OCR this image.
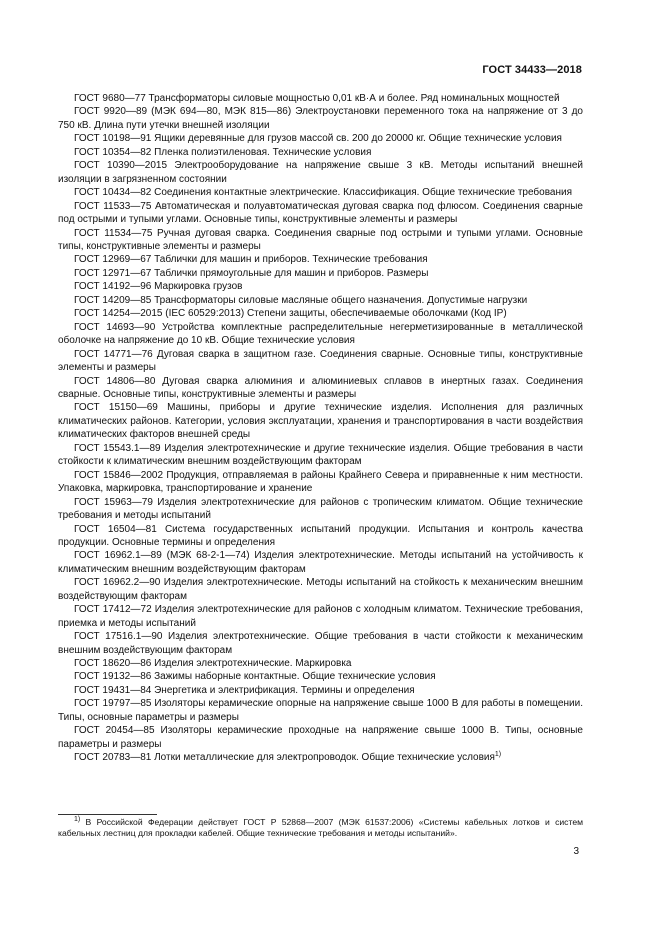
ГОСТ 34433—2018

ГОСТ 9680—77 Трансформаторы силовые мощностью 0,01 кВ·А и более. Ряд номинальных мощностей

ГОСТ 9920—89 (МЭК 694—80, МЭК 815—86) Электроустановки переменного тока на напряжение от 3 до 750 кВ. Длина пути утечки внешней изоляции

ГОСТ 10198—91 Ящики деревянные для грузов массой св. 200 до 20000 кг. Общие технические условия

ГОСТ 10354—82 Пленка полиэтиленовая. Технические условия

ГОСТ 10390—2015 Электрооборудование на напряжение свыше 3 кВ. Методы испытаний внешней изоляции в загрязненном состоянии

ГОСТ 10434—82 Соединения контактные электрические. Классификация. Общие технические требования

ГОСТ 11533—75 Автоматическая и полуавтоматическая дуговая сварка под флюсом. Соединения сварные под острыми и тупыми углами. Основные типы, конструктивные элементы и размеры

ГОСТ 11534—75 Ручная дуговая сварка. Соединения сварные под острыми и тупыми углами. Основные типы, конструктивные элементы и размеры

ГОСТ 12969—67 Таблички для машин и приборов. Технические требования

ГОСТ 12971—67 Таблички прямоугольные для машин и приборов. Размеры

ГОСТ 14192—96 Маркировка грузов

ГОСТ 14209—85 Трансформаторы силовые масляные общего назначения. Допустимые нагрузки

ГОСТ 14254—2015 (IEC 60529:2013) Степени защиты, обеспечиваемые оболочками (Код IP)

ГОСТ 14693—90 Устройства комплектные распределительные негерметизированные в металлической оболочке на напряжение до 10 кВ. Общие технические условия

ГОСТ 14771—76 Дуговая сварка в защитном газе. Соединения сварные. Основные типы, конструктивные элементы и размеры

ГОСТ 14806—80 Дуговая сварка алюминия и алюминиевых сплавов в инертных газах. Соединения сварные. Основные типы, конструктивные элементы и размеры

ГОСТ 15150—69 Машины, приборы и другие технические изделия. Исполнения для различных климатических районов. Категории, условия эксплуатации, хранения и транспортирования в части воздействия климатических факторов внешней среды

ГОСТ 15543.1—89 Изделия электротехнические и другие технические изделия. Общие требования в части стойкости к климатическим внешним воздействующим факторам

ГОСТ 15846—2002 Продукция, отправляемая в районы Крайнего Севера и приравненные к ним местности. Упаковка, маркировка, транспортирование и хранение

ГОСТ 15963—79 Изделия электротехнические для районов с тропическим климатом. Общие технические требования и методы испытаний

ГОСТ 16504—81 Система государственных испытаний продукции. Испытания и контроль качества продукции. Основные термины и определения

ГОСТ 16962.1—89 (МЭК 68-2-1—74) Изделия электротехнические. Методы испытаний на устойчивость к климатическим внешним воздействующим факторам

ГОСТ 16962.2—90 Изделия электротехнические. Методы испытаний на стойкость к механическим внешним воздействующим факторам

ГОСТ 17412—72 Изделия электротехнические для районов с холодным климатом. Технические требования, приемка и методы испытаний

ГОСТ 17516.1—90 Изделия электротехнические. Общие требования в части стойкости к механическим внешним воздействующим факторам

ГОСТ 18620—86 Изделия электротехнические. Маркировка

ГОСТ 19132—86 Зажимы наборные контактные. Общие технические условия

ГОСТ 19431—84 Энергетика и электрификация. Термины и определения

ГОСТ 19797—85 Изоляторы керамические опорные на напряжение свыше 1000 В для работы в помещении. Типы, основные параметры и размеры

ГОСТ 20454—85 Изоляторы керамические проходные на напряжение свыше 1000 В. Типы, основные параметры и размеры

ГОСТ 20783—81 Лотки металлические для электропроводок. Общие технические условия$^{1)}$

$^{1)}$ В Российской Федерации действует ГОСТ Р 52868—2007 (МЭК 61537:2006) «Системы кабельных лотков и систем кабельных лестниц для прокладки кабелей. Общие технические требования и методы испытаний».

3
